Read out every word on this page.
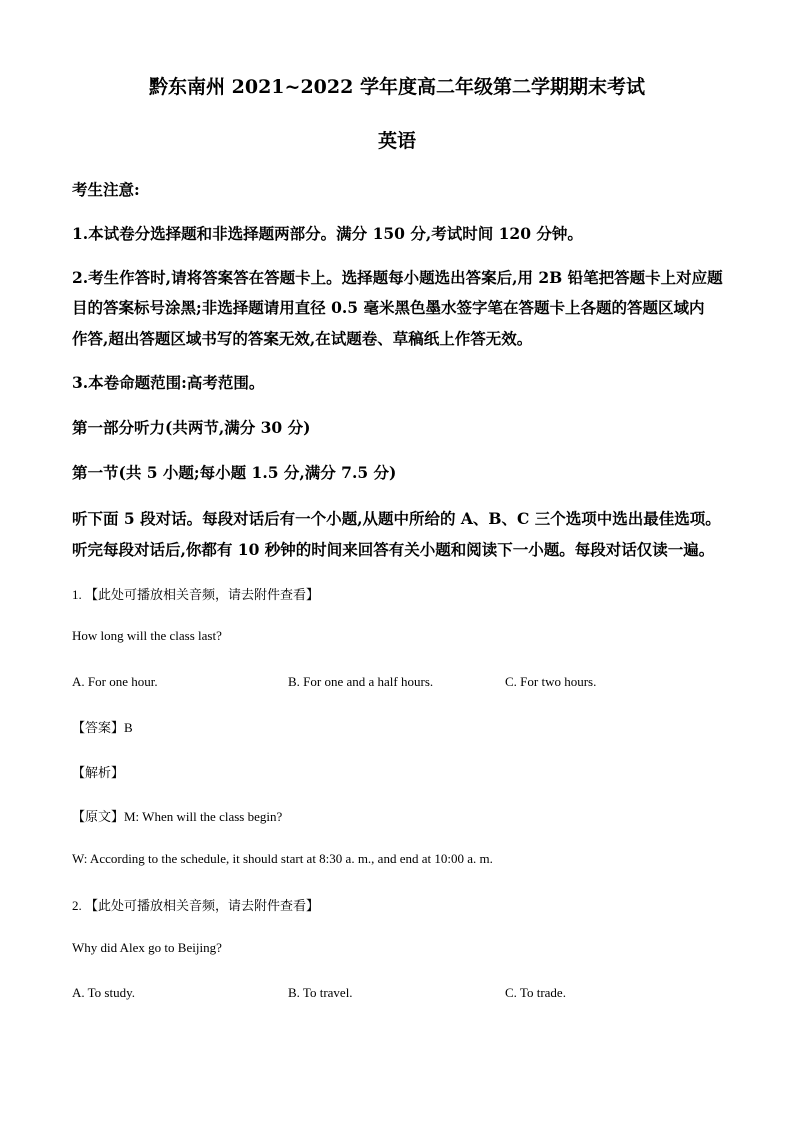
黔东南州 2021~2022 学年度高二年级第二学期期末考试
英语
考生注意:
1.本试卷分选择题和非选择题两部分。满分 150 分,考试时间 120 分钟。
2.考生作答时,请将答案答在答题卡上。选择题每小题选出答案后,用 2B 铅笔把答题卡上对应题
目的答案标号涂黑;非选择题请用直径 0.5 毫米黑色墨水签字笔在答题卡上各题的答题区域内
作答,超出答题区域书写的答案无效,在试题卷、草稿纸上作答无效。
3.本卷命题范围:高考范围。
第一部分听力(共两节,满分 30 分)
第一节(共 5 小题;每小题 1.5 分,满分 7.5 分)
听下面 5 段对话。每段对话后有一个小题,从题中所给的 A、B、C 三个选项中选出最佳选项。
听完每段对话后,你都有 10 秒钟的时间来回答有关小题和阅读下一小题。每段对话仅读一遍。
1. 【此处可播放相关音频，请去附件查看】
How long will the class last?
A. For one hour.	B. For one and a half hours.	C. For two hours.
【答案】B
【解析】
【原文】M: When will the class begin?
W: According to the schedule, it should start at 8:30 a. m., and end at 10:00 a. m.
2. 【此处可播放相关音频，请去附件查看】
Why did Alex go to Beijing?
A. To study.	B. To travel.	C. To trade.
